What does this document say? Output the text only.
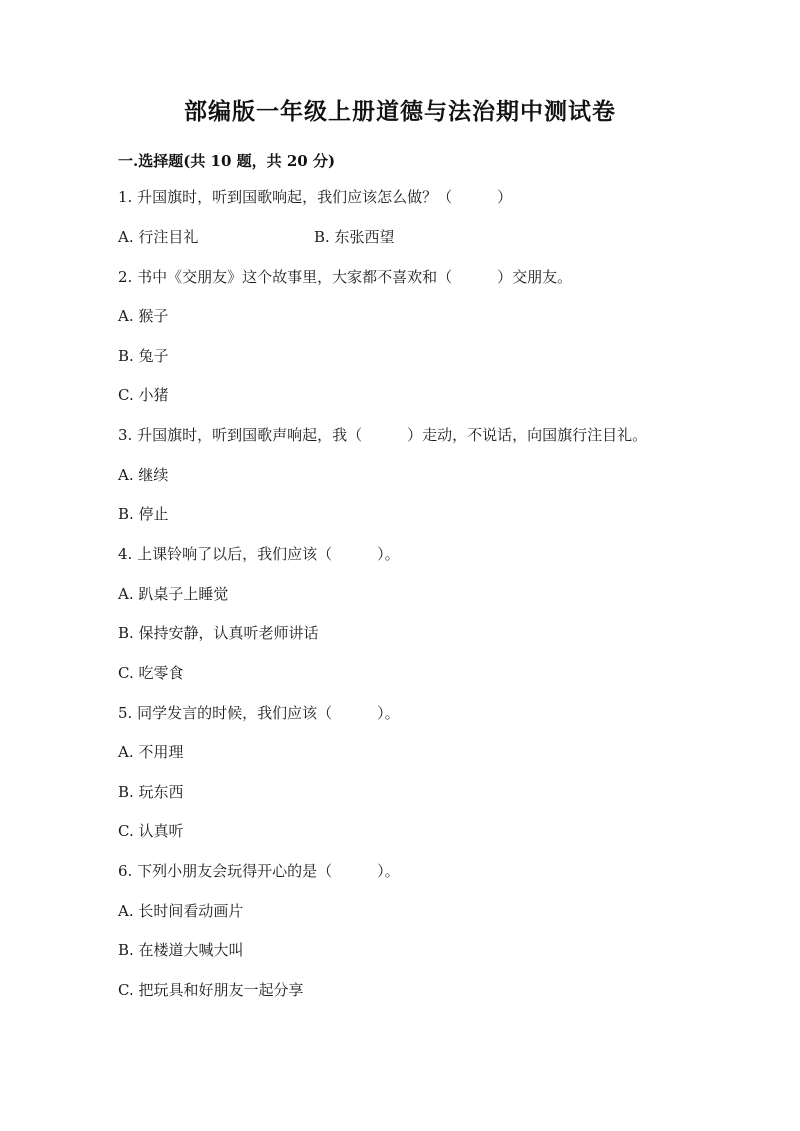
部编版一年级上册道德与法治期中测试卷
一.选择题(共 10 题，共 20 分)
1. 升国旗时，听到国歌响起，我们应该怎么做？（　　　）
A. 行注目礼	B. 东张西望
2. 书中《交朋友》这个故事里，大家都不喜欢和（　　　）交朋友。
A. 猴子
B. 兔子
C. 小猪
3. 升国旗时，听到国歌声响起，我（　　　）走动，不说话，向国旗行注目礼。
A. 继续
B. 停止
4. 上课铃响了以后，我们应该（　　　）。
A. 趴桌子上睡觉
B. 保持安静，认真听老师讲话
C. 吃零食
5. 同学发言的时候，我们应该（　　　）。
A. 不用理
B. 玩东西
C. 认真听
6. 下列小朋友会玩得开心的是（　　　）。
A. 长时间看动画片
B. 在楼道大喊大叫
C. 把玩具和好朋友一起分享
